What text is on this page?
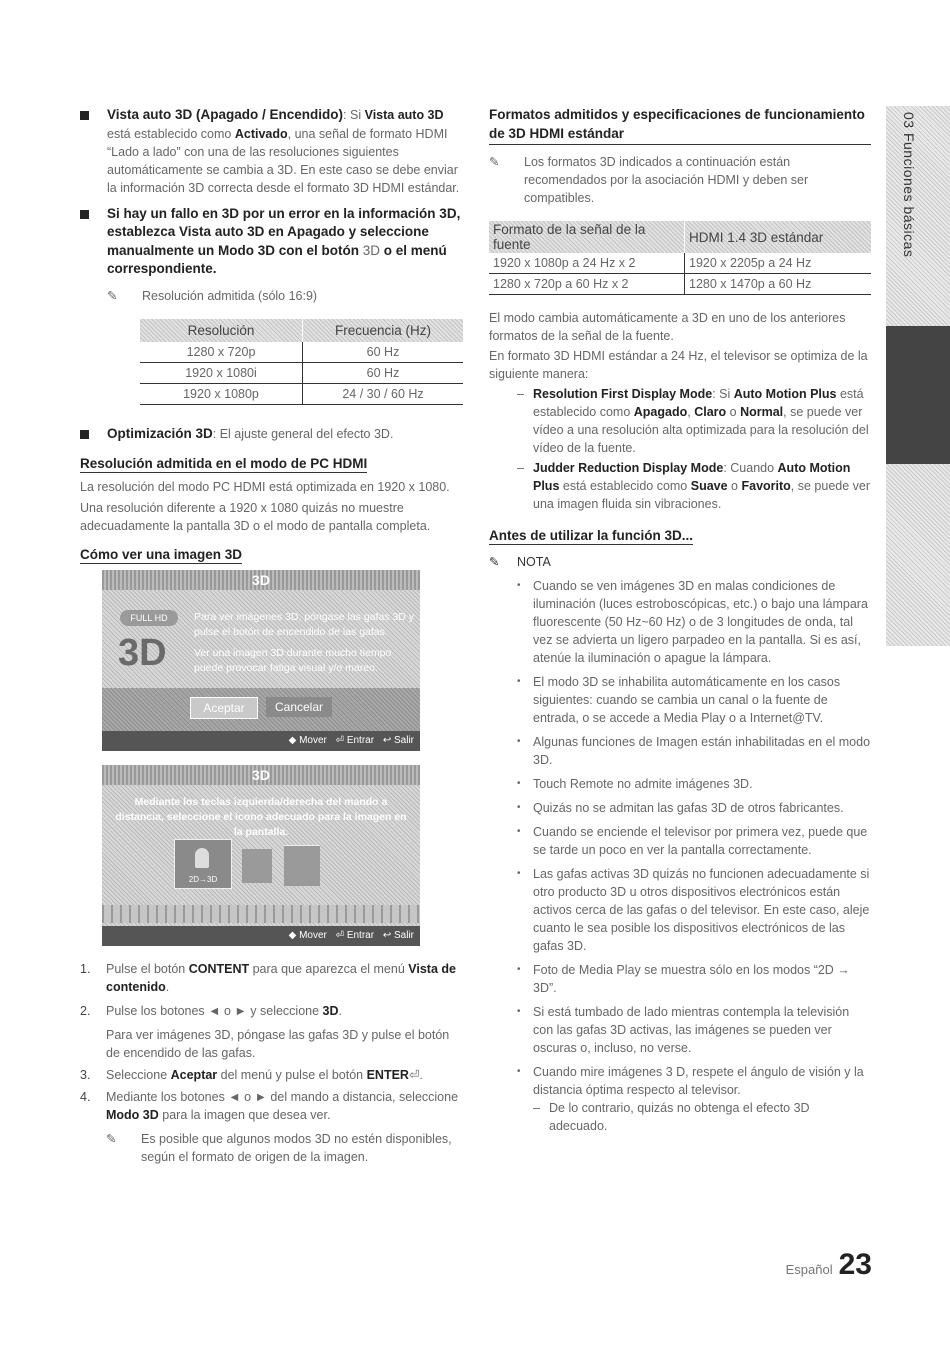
03 Funciones básicas

Vista auto 3D (Apagado / Encendido): Si Vista auto 3D
está establecido como Activado, una señal de formato HDMI “Lado a lado” con una de las resoluciones siguientes automáticamente se cambia a 3D. En este caso se debe enviar la información 3D correcta desde el formato 3D HDMI estándar.

Si hay un fallo en 3D por un error en la información 3D, establezca Vista auto 3D en Apagado y seleccione manualmente un Modo 3D con el botón 3D o el menú correspondiente.

✎ Resolución admitida (sólo 16:9)
Resolución	Frecuencia (Hz)
1280 x 720p	60 Hz
1920 x 1080i	60 Hz
1920 x 1080p	24 / 30 / 60 Hz

Optimización 3D: El ajuste general del efecto 3D.

Resolución admitida en el modo de PC HDMI

La resolución del modo PC HDMI está optimizada en 1920 x 1080.

Una resolución diferente a 1920 x 1080 quizás no muestre adecuadamente la pantalla 3D o el modo de pantalla completa.

Cómo ver una imagen 3D
3D
FULL HD
3D

Para ver imágenes 3D, póngase las gafas 3D y pulse el botón de encendido de las gafas.

Ver una imagen 3D durante mucho tiempo puede provocar fatiga visual y/o mareo.

Aceptar	Cancelar
◆ Mover ⏎ Entrar ↩ Salir
3D

Mediante los teclas izquierda/derecha del mando a distancia, seleccione el icono adecuado para la imagen en la pantalla.

2D→3D
◆ Mover ⏎ Entrar ↩ Salir
1. Pulse el botón CONTENT para que aparezca el menú Vista de contenido.
2. Pulse los botones ◄ o ► y seleccione 3D.

Para ver imágenes 3D, póngase las gafas 3D y pulse el botón de encendido de las gafas.

3. Seleccione Aceptar del menú y pulse el botón ENTER⏎.
4. Mediante los botones ◄ o ► del mando a distancia, seleccione Modo 3D para la imagen que desea ver.
✎ Es posible que algunos modos 3D no estén disponibles, según el formato de origen de la imagen.

Formatos admitidos y especificaciones de funcionamiento de 3D HDMI estándar

✎ Los formatos 3D indicados a continuación están recomendados por la asociación HDMI y deben ser compatibles.
Formato de la señal de la fuente	HDMI 1.4 3D estándar
1920 x 1080p a 24 Hz x 2	1920 x 2205p a 24 Hz
1280 x 720p a 60 Hz x 2	1280 x 1470p a 60 Hz

El modo cambia automáticamente a 3D en uno de los anteriores formatos de la señal de la fuente.

En formato 3D HDMI estándar a 24 Hz, el televisor se optimiza de la siguiente manera:

– Resolution First Display Mode: Si Auto Motion Plus está establecido como Apagado, Claro o Normal, se puede ver vídeo a una resolución alta optimizada para la resolución del vídeo de la fuente.
– Judder Reduction Display Mode: Cuando Auto Motion Plus está establecido como Suave o Favorito, se puede ver una imagen fluida sin vibraciones.
Antes de utilizar la función 3D...
✎ NOTA
• Cuando se ven imágenes 3D en malas condiciones de iluminación (luces estroboscópicas, etc.) o bajo una lámpara fluorescente (50 Hz~60 Hz) o de 3 longitudes de onda, tal vez se advierta un ligero parpadeo en la pantalla. Si es así, atenúe la iluminación o apague la lámpara.
• El modo 3D se inhabilita automáticamente en los casos siguientes: cuando se cambia un canal o la fuente de entrada, o se accede a Media Play o a Internet@TV.
• Algunas funciones de Imagen están inhabilitadas en el modo 3D.
• Touch Remote no admite imágenes 3D.
• Quizás no se admitan las gafas 3D de otros fabricantes.
• Cuando se enciende el televisor por primera vez, puede que se tarde un poco en ver la pantalla correctamente.
• Las gafas activas 3D quizás no funcionen adecuadamente si otro producto 3D u otros dispositivos electrónicos están activos cerca de las gafas o del televisor. En este caso, aleje cuanto le sea posible los dispositivos electrónicos de las gafas 3D.
• Foto de Media Play se muestra sólo en los modos “2D → 3D”.
• Si está tumbado de lado mientras contempla la televisión con las gafas 3D activas, las imágenes se pueden ver oscuras o, incluso, no verse.
• Cuando mire imágenes 3 D, respete el ángulo de visión y la distancia óptima respecto al televisor.
– De lo contrario, quizás no obtenga el efecto 3D adecuado.
Español 23
